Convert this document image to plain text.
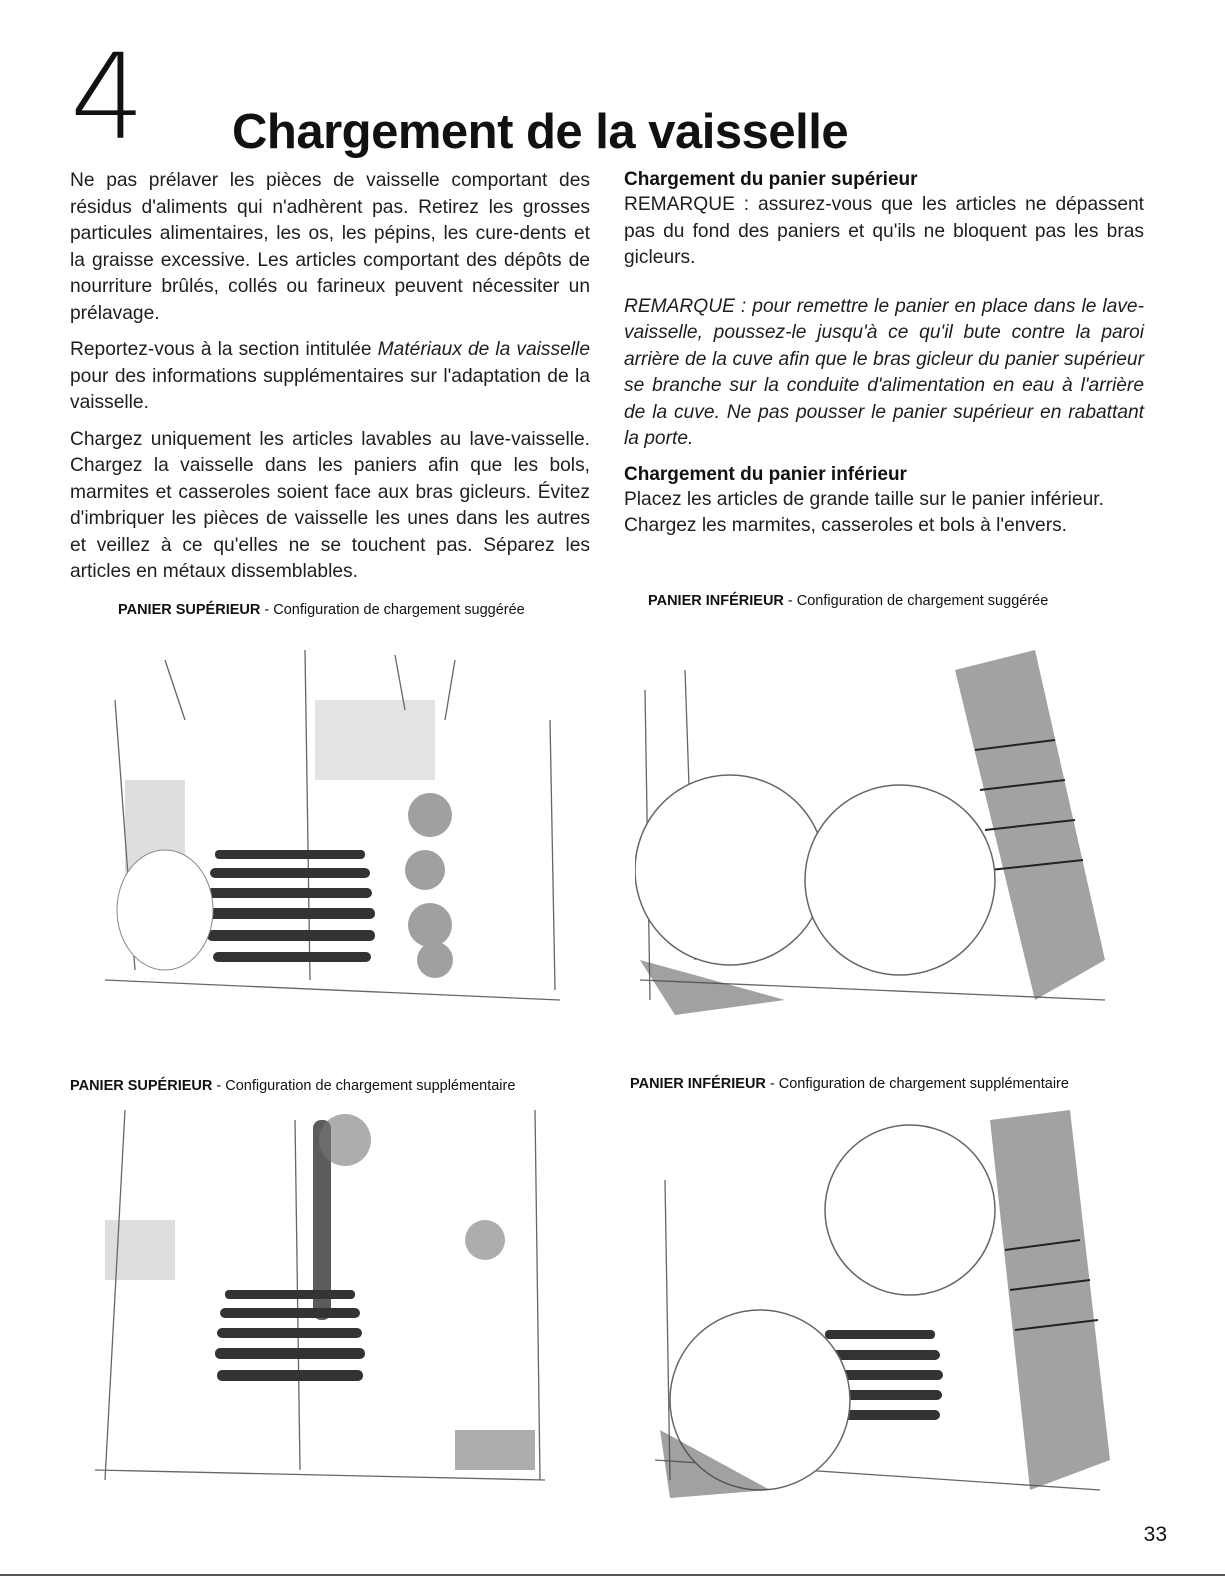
4 Chargement de la vaisselle

Ne pas prélaver les pièces de vaisselle comportant des résidus d'aliments qui n'adhèrent pas. Retirez les grosses particules alimentaires, les os, les pépins, les cure-dents et la graisse excessive. Les articles comportant des dépôts de nourriture brûlés, collés ou farineux peuvent nécessiter un prélavage.

Reportez-vous à la section intitulée Matériaux de la vaisselle pour des informations supplémentaires sur l'adaptation de la vaisselle.

Chargez uniquement les articles lavables au lave-vaisselle. Chargez la vaisselle dans les paniers afin que les bols, marmites et casseroles soient face aux bras gicleurs. Évitez d'imbriquer les pièces de vaisselle les unes dans les autres et veillez à ce qu'elles ne se touchent pas. Séparez les articles en métaux dissemblables.

Chargement du panier supérieur

REMARQUE : assurez-vous que les articles ne dépassent pas du fond des paniers et qu'ils ne bloquent pas les bras gicleurs.

REMARQUE : pour remettre le panier en place dans le lave-vaisselle, poussez-le jusqu'à ce qu'il bute contre la paroi arrière de la cuve afin que le bras gicleur du panier supérieur se branche sur la conduite d'alimentation en eau à l'arrière de la cuve. Ne pas pousser le panier supérieur en rabattant la porte.

Chargement du panier inférieur

Placez les articles de grande taille sur le panier inférieur. Chargez les marmites, casseroles et bols à l'envers.

PANIER SUPÉRIEUR - Configuration de chargement suggérée
PANIER INFÉRIEUR - Configuration de chargement suggérée
PANIER SUPÉRIEUR - Configuration de chargement supplémentaire	PANIER INFÉRIEUR - Configuration de chargement supplémentaire
33
